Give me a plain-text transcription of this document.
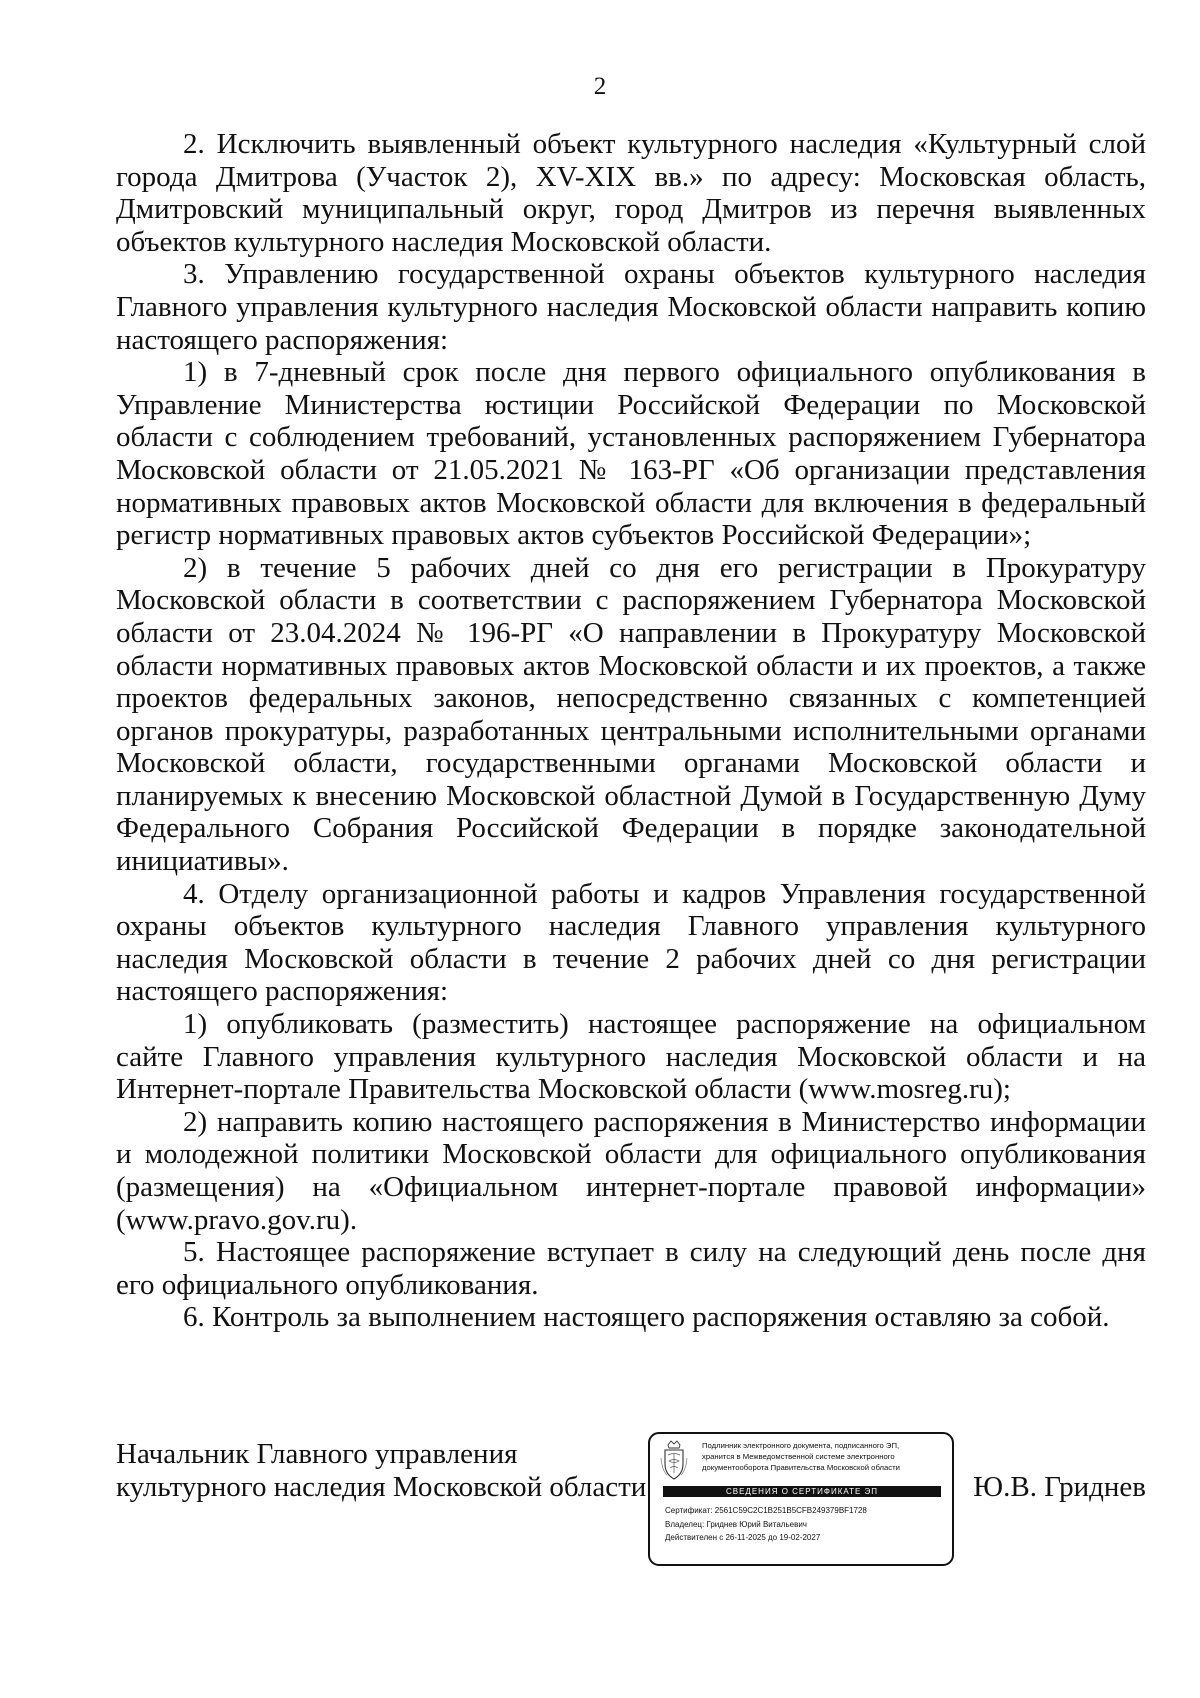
2

2. Исключить выявленный объект культурного наследия «Культурный слой города Дмитрова (Участок 2), XV-XIX вв.» по адресу: Московская область, Дмитровский муниципальный округ, город Дмитров из перечня выявленных объектов культурного наследия Московской области.

3. Управлению государственной охраны объектов культурного наследия Главного управления культурного наследия Московской области направить копию настоящего распоряжения:

1) в 7-дневный срок после дня первого официального опубликования в Управление Министерства юстиции Российской Федерации по Московской области с соблюдением требований, установленных распоряжением Губернатора Московской области от 21.05.2021 № 163-РГ «Об организации представления нормативных правовых актов Московской области для включения в федеральный регистр нормативных правовых актов субъектов Российской Федерации»;

2) в течение 5 рабочих дней со дня его регистрации в Прокуратуру Московской области в соответствии с распоряжением Губернатора Московской области от 23.04.2024 № 196-РГ «О направлении в Прокуратуру Московской области нормативных правовых актов Московской области и их проектов, а также проектов федеральных законов, непосредственно связанных с компетенцией органов прокуратуры, разработанных центральными исполнительными органами Московской области, государственными органами Московской области и планируемых к внесению Московской областной Думой в Государственную Думу Федерального Собрания Российской Федерации в порядке законодательной инициативы».

4. Отделу организационной работы и кадров Управления государственной охраны объектов культурного наследия Главного управления культурного наследия Московской области в течение 2 рабочих дней со дня регистрации настоящего распоряжения:

1) опубликовать (разместить) настоящее распоряжение на официальном сайте Главного управления культурного наследия Московской области и на Интернет-портале Правительства Московской области (www.mosreg.ru);

2) направить копию настоящего распоряжения в Министерство информации и молодежной политики Московской области для официального опубликования (размещения) на «Официальном интернет-портале правовой информации» (www.pravo.gov.ru).

5. Настоящее распоряжение вступает в силу на следующий день после дня его официального опубликования.

6. Контроль за выполнением настоящего распоряжения оставляю за собой.

Начальник Главного управления
культурного наследия Московской области
Подлинник электронного документа, подписанного ЭП,
хранится в Межведомственной системе электронного
документооборота Правительства Московской области
СВЕДЕНИЯ О СЕРТИФИКАТЕ ЭП
Сертификат: 2561C59C2C1B251B5CFB249379BF1728
Владелец: Гриднев Юрий Витальевич
Действителен с 26-11-2025 до 19-02-2027
Ю.В. Гриднев
